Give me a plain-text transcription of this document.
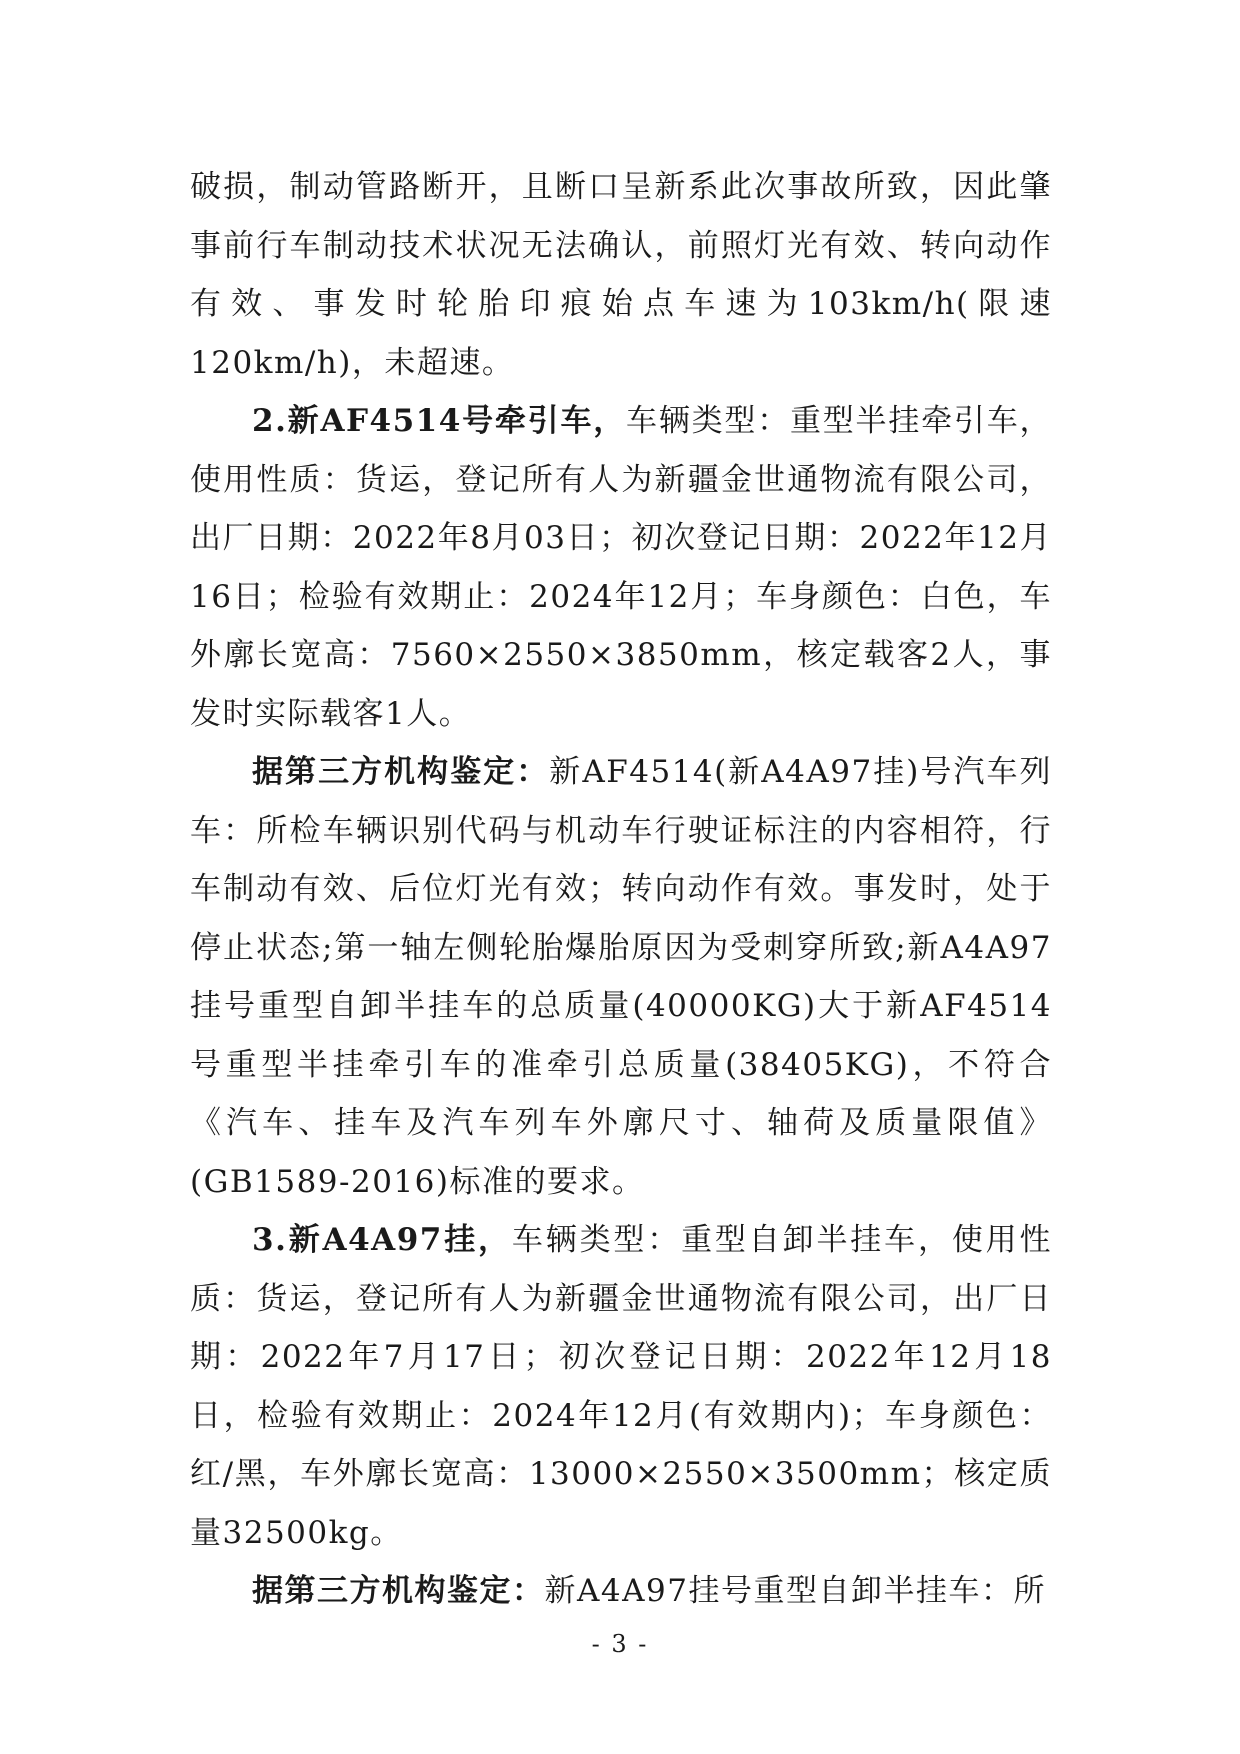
破损，制动管路断开，且断口呈新系此次事故所致，因此肇事前行车制动技术状况无法确认，前照灯光有效、转向动作有效、事发时轮胎印痕始点车速为103km/h(限速120km/h)，未超速。

2.新AF4514号牵引车，车辆类型：重型半挂牵引车，使用性质：货运，登记所有人为新疆金世通物流有限公司，出厂日期：2022年8月03日；初次登记日期：2022年12月16日；检验有效期止：2024年12月；车身颜色：白色，车外廓长宽高：7560×2550×3850mm，核定载客2人，事发时实际载客1人。

据第三方机构鉴定：新AF4514(新A4A97挂)号汽车列车：所检车辆识别代码与机动车行驶证标注的内容相符，行车制动有效、后位灯光有效；转向动作有效。事发时，处于停止状态;第一轴左侧轮胎爆胎原因为受刺穿所致;新A4A97挂号重型自卸半挂车的总质量(40000KG)大于新AF4514号重型半挂牵引车的准牵引总质量(38405KG)，不符合《汽车、挂车及汽车列车外廓尺寸、轴荷及质量限值》(GB1589-2016)标准的要求。

3.新A4A97挂，车辆类型：重型自卸半挂车，使用性质：货运，登记所有人为新疆金世通物流有限公司，出厂日期：2022年7月17日；初次登记日期：2022年12月18日，检验有效期止：2024年12月(有效期内)；车身颜色：红/黑，车外廓长宽高：13000×2550×3500mm；核定质量32500kg。

据第三方机构鉴定：新A4A97挂号重型自卸半挂车：所

- 3 -
